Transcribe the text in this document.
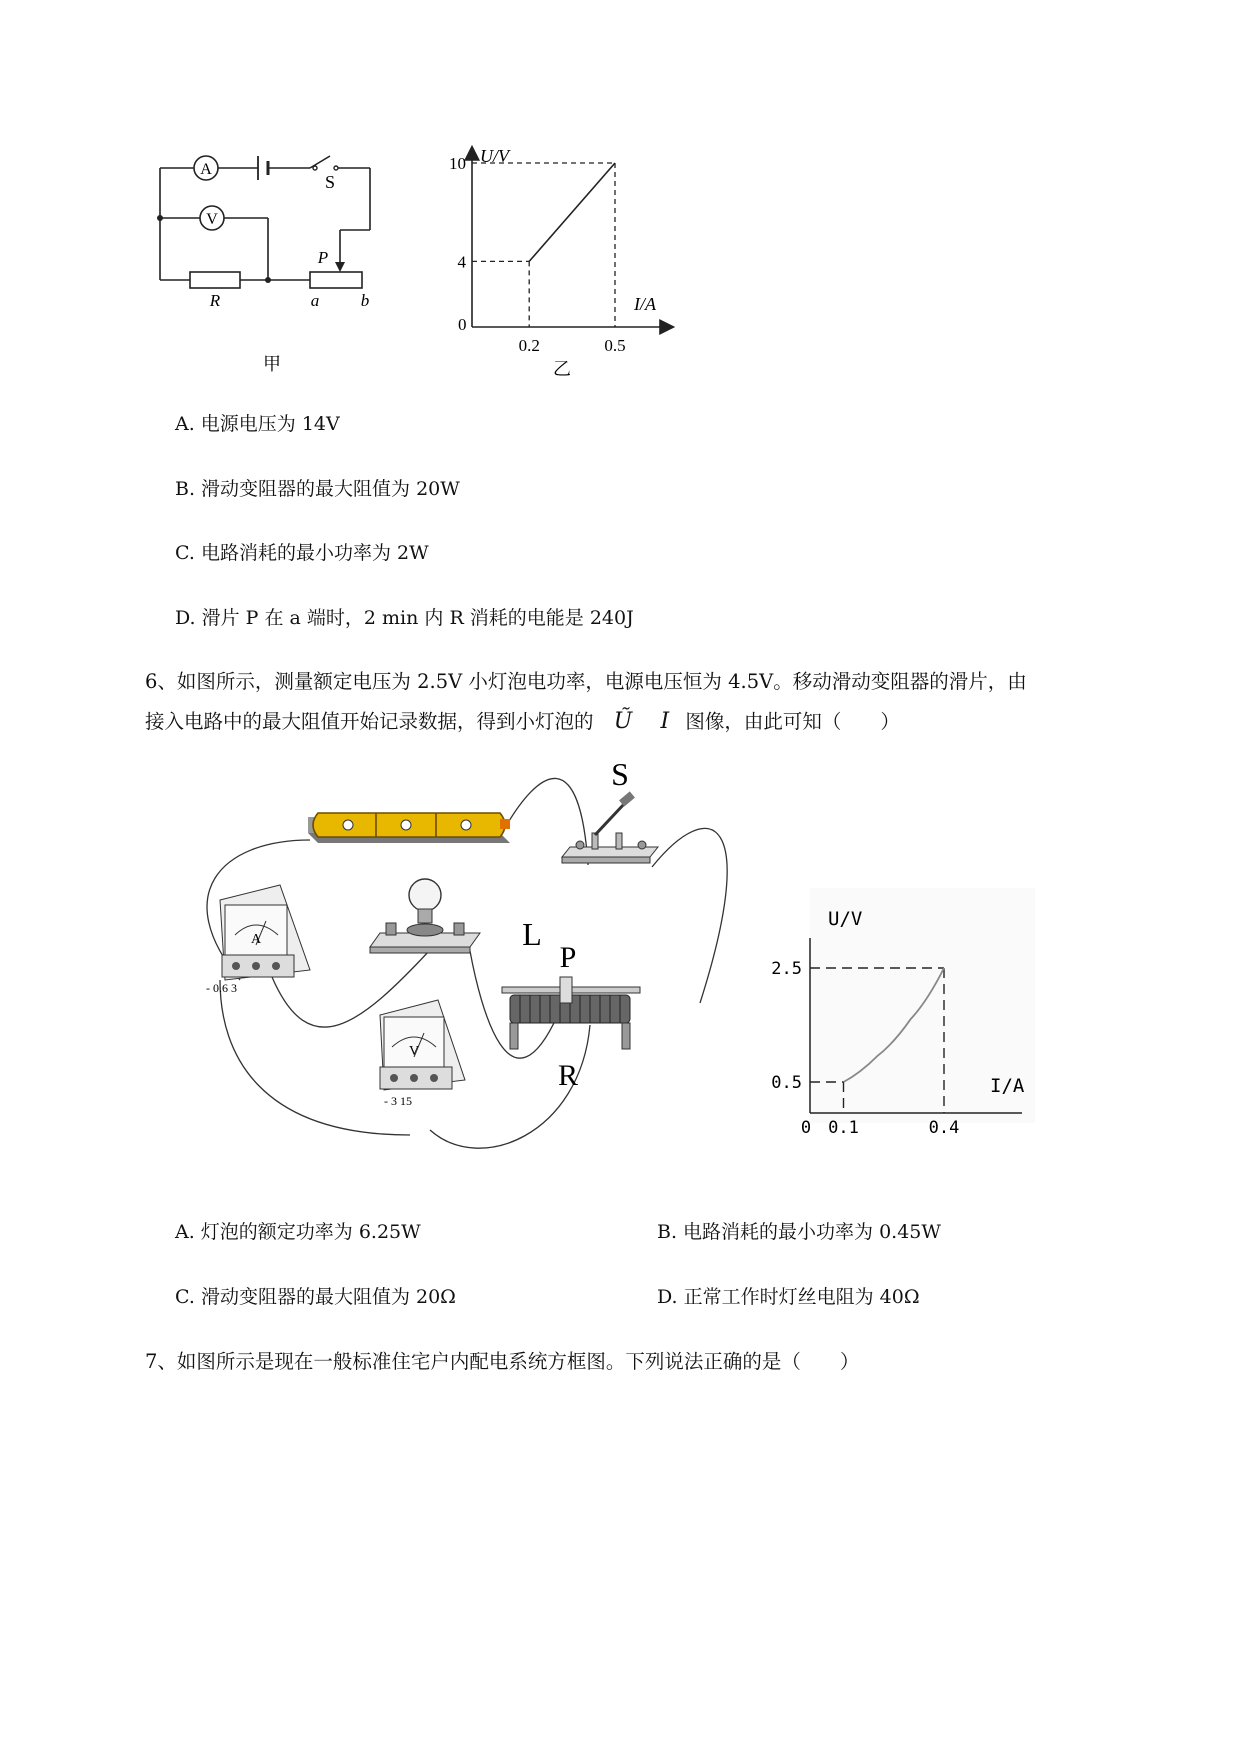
A
V
S
P
R	a b
甲
0.2	0.5
4
10 U/V
I/A
0
乙
A. 电源电压为 14V
B. 滑动变阻器的最大阻值为 20W
C. 电路消耗的最小功率为 2W
D. 滑片 P 在 a 端时，2 min 内 R 消耗的电能是 240J
6、如图所示，测量额定电压为 2.5V 小灯泡电功率，电源电压恒为 4.5V。移动滑动变阻器的滑片，由
接入电路中的最大阻值开始记录数据，得到小灯泡的 Ũ I 图像，由此可知（　　）
S
L
A
- 0.6 3
V
- 3 15
P
R
0.1	0.4
0.5
2.5
U/V
I/A
0
A. 灯泡的额定功率为 6.25W	B. 电路消耗的最小功率为 0.45W
C. 滑动变阻器的最大阻值为 20Ω	D. 正常工作时灯丝电阻为 40Ω
7、如图所示是现在一般标准住宅户内配电系统方框图。下列说法正确的是（　　）
